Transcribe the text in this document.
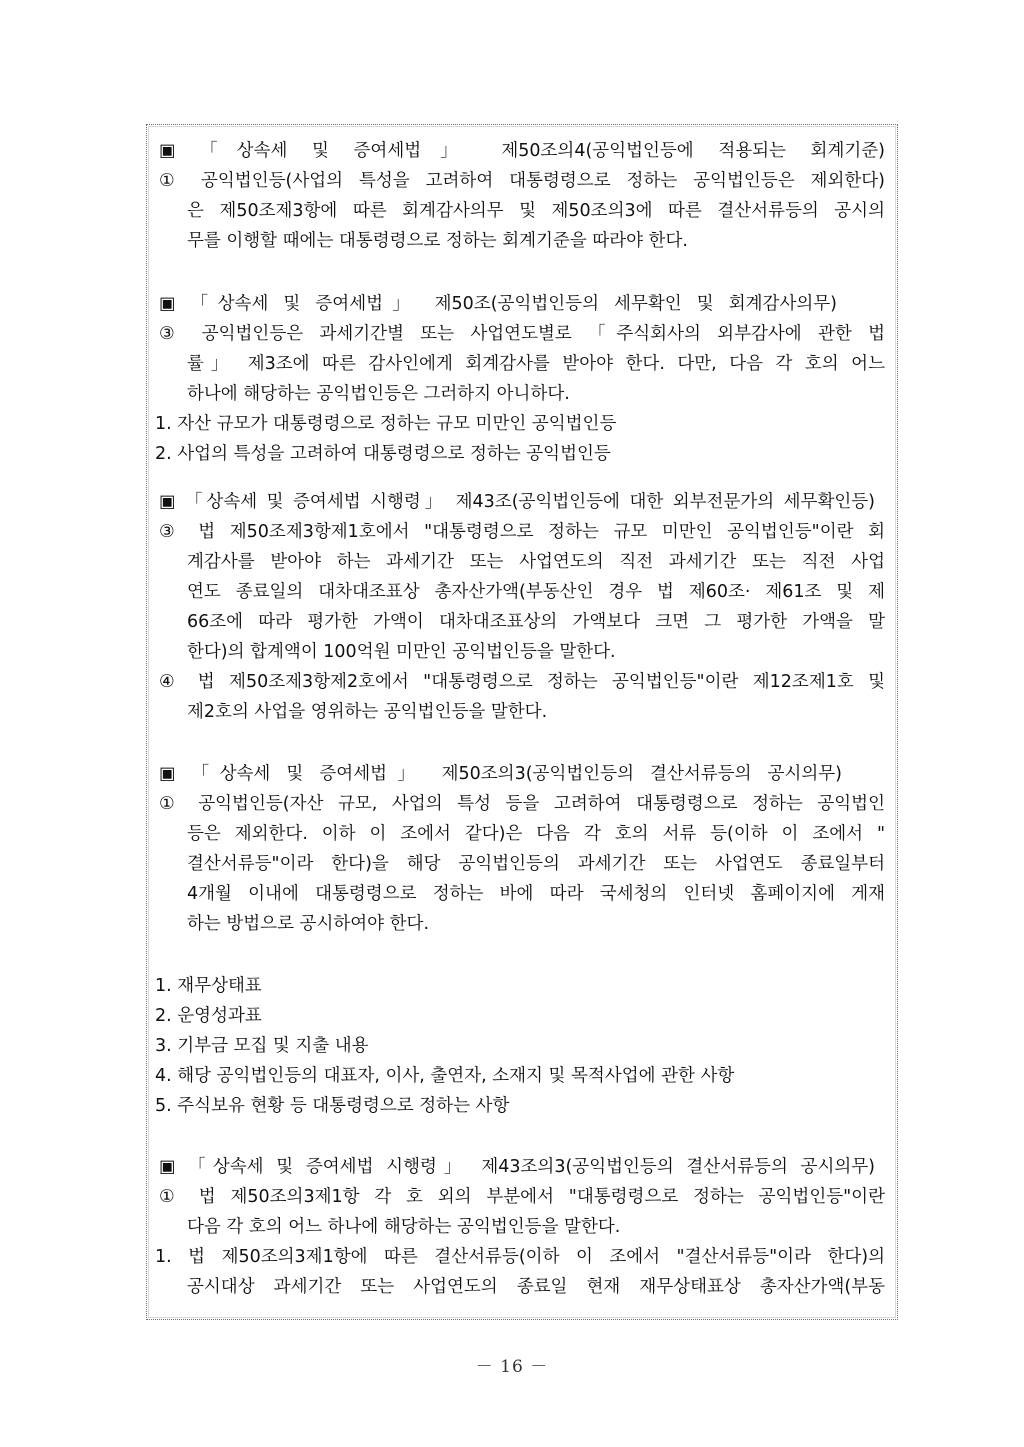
▣ 「상속세 및 증여세법」 제50조의4(공익법인등에 적용되는 회계기준)
① 공익법인등(사업의 특성을 고려하여 대통령령으로 정하는 공익법인등은 제외한다)
은 제50조제3항에 따른 회계감사의무 및 제50조의3에 따른 결산서류등의 공시의
무를 이행할 때에는 대통령령으로 정하는 회계기준을 따라야 한다.
▣ 「상속세 및 증여세법」 제50조(공익법인등의 세무확인 및 회계감사의무)
③ 공익법인등은 과세기간별 또는 사업연도별로 「주식회사의 외부감사에 관한 법
률」 제3조에 따른 감사인에게 회계감사를 받아야 한다. 다만, 다음 각 호의 어느
하나에 해당하는 공익법인등은 그러하지 아니하다.
1. 자산 규모가 대통령령으로 정하는 규모 미만인 공익법인등
2. 사업의 특성을 고려하여 대통령령으로 정하는 공익법인등
▣ 「상속세 및 증여세법 시행령」 제43조(공익법인등에 대한 외부전문가의 세무확인등)
③ 법 제50조제3항제1호에서 "대통령령으로 정하는 규모 미만인 공익법인등"이란 회
계감사를 받아야 하는 과세기간 또는 사업연도의 직전 과세기간 또는 직전 사업
연도 종료일의 대차대조표상 총자산가액(부동산인 경우 법 제60조· 제61조 및 제
66조에 따라 평가한 가액이 대차대조표상의 가액보다 크면 그 평가한 가액을 말
한다)의 합계액이 100억원 미만인 공익법인등을 말한다.
④ 법 제50조제3항제2호에서 "대통령령으로 정하는 공익법인등"이란 제12조제1호 및
제2호의 사업을 영위하는 공익법인등을 말한다.
▣ 「상속세 및 증여세법」 제50조의3(공익법인등의 결산서류등의 공시의무)
① 공익법인등(자산 규모, 사업의 특성 등을 고려하여 대통령령으로 정하는 공익법인
등은 제외한다. 이하 이 조에서 같다)은 다음 각 호의 서류 등(이하 이 조에서 "
결산서류등"이라 한다)을 해당 공익법인등의 과세기간 또는 사업연도 종료일부터
4개월 이내에 대통령령으로 정하는 바에 따라 국세청의 인터넷 홈페이지에 게재
하는 방법으로 공시하여야 한다.
1. 재무상태표
2. 운영성과표
3. 기부금 모집 및 지출 내용
4. 해당 공익법인등의 대표자, 이사, 출연자, 소재지 및 목적사업에 관한 사항
5. 주식보유 현황 등 대통령령으로 정하는 사항
▣ 「상속세 및 증여세법 시행령」 제43조의3(공익법인등의 결산서류등의 공시의무)
① 법 제50조의3제1항 각 호 외의 부분에서 "대통령령으로 정하는 공익법인등"이란
다음 각 호의 어느 하나에 해당하는 공익법인등을 말한다.
1. 법 제50조의3제1항에 따른 결산서류등(이하 이 조에서 "결산서류등"이라 한다)의
공시대상 과세기간 또는 사업연도의 종료일 현재 재무상태표상 총자산가액(부동
－ 16 －
